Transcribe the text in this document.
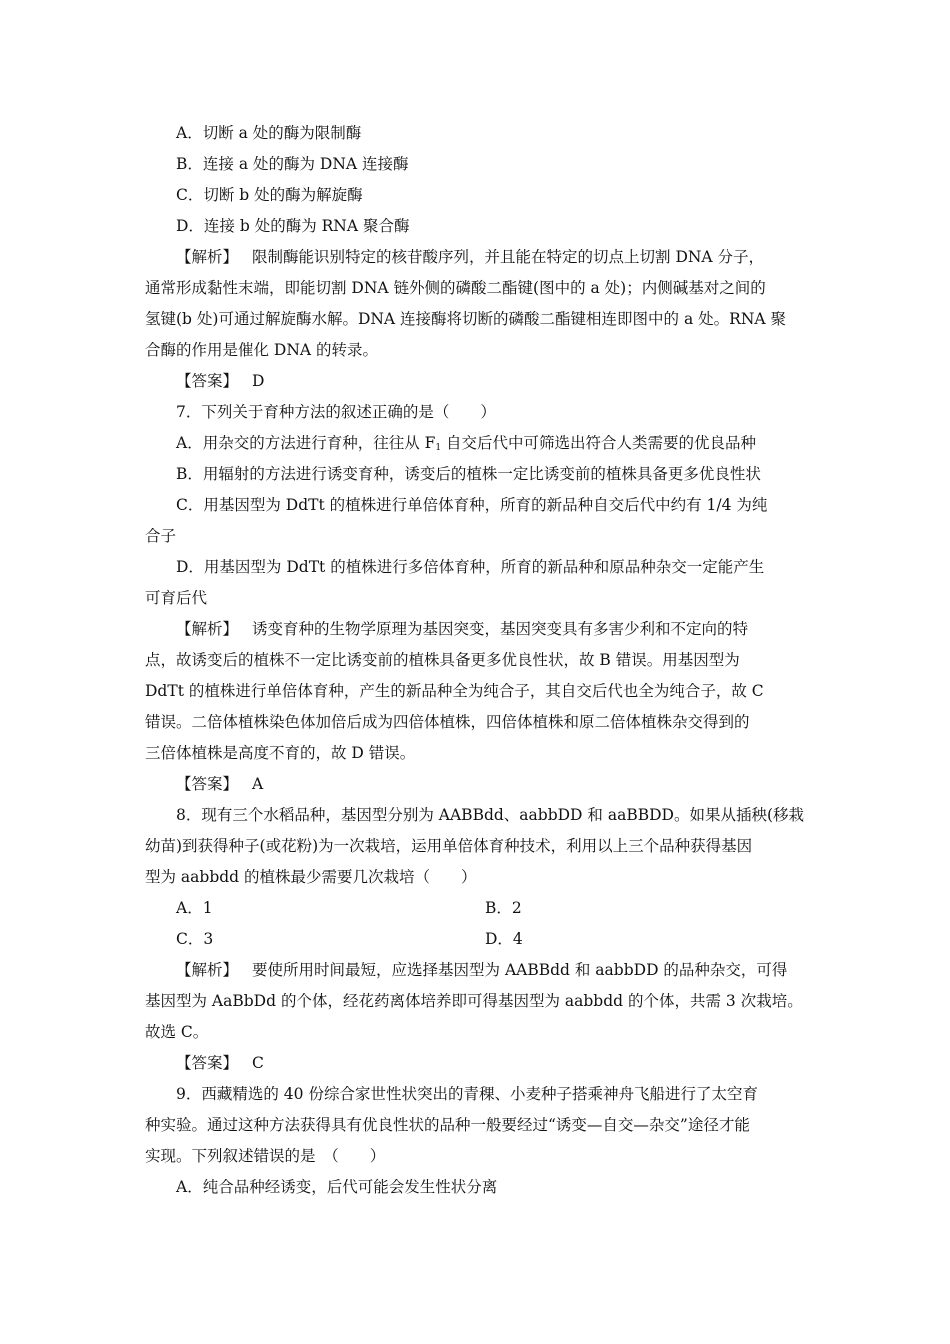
A．切断 a 处的酶为限制酶
B．连接 a 处的酶为 DNA 连接酶
C．切断 b 处的酶为解旋酶
D．连接 b 处的酶为 RNA 聚合酶
【解析】 限制酶能识别特定的核苷酸序列，并且能在特定的切点上切割 DNA 分子，
通常形成黏性末端，即能切割 DNA 链外侧的磷酸二酯键(图中的 a 处)；内侧碱基对之间的
氢键(b 处)可通过解旋酶水解。DNA 连接酶将切断的磷酸二酯键相连即图中的 a 处。RNA 聚
合酶的作用是催化 DNA 的转录。
【答案】 D
7．下列关于育种方法的叙述正确的是（　　）
A．用杂交的方法进行育种，往往从 $F_1$ 自交后代中可筛选出符合人类需要的优良品种
B．用辐射的方法进行诱变育种，诱变后的植株一定比诱变前的植株具备更多优良性状
C．用基因型为 DdTt 的植株进行单倍体育种，所育的新品种自交后代中约有 1/4 为纯
合子
D．用基因型为 DdTt 的植株进行多倍体育种，所育的新品种和原品种杂交一定能产生
可育后代
【解析】 诱变育种的生物学原理为基因突变，基因突变具有多害少利和不定向的特
点，故诱变后的植株不一定比诱变前的植株具备更多优良性状，故 B 错误。用基因型为
DdTt 的植株进行单倍体育种，产生的新品种全为纯合子，其自交后代也全为纯合子，故 C
错误。二倍体植株染色体加倍后成为四倍体植株，四倍体植株和原二倍体植株杂交得到的
三倍体植株是高度不育的，故 D 错误。
【答案】 A
8．现有三个水稻品种，基因型分别为 AABBdd、aabbDD 和 aaBBDD。如果从插秧(移栽
幼苗)到获得种子(或花粉)为一次栽培，运用单倍体育种技术，利用以上三个品种获得基因
型为 aabbdd 的植株最少需要几次栽培（　　）
A．1	B．2
C．3	D．4
【解析】 要使所用时间最短，应选择基因型为 AABBdd 和 aabbDD 的品种杂交，可得
基因型为 AaBbDd 的个体，经花药离体培养即可得基因型为 aabbdd 的个体，共需 3 次栽培。
故选 C。
【答案】 C
9．西藏精选的 40 份综合家世性状突出的青稞、小麦种子搭乘神舟飞船进行了太空育
种实验。通过这种方法获得具有优良性状的品种一般要经过“诱变—自交—杂交”途径才能
实现。下列叙述错误的是　（　　）
A．纯合品种经诱变，后代可能会发生性状分离
